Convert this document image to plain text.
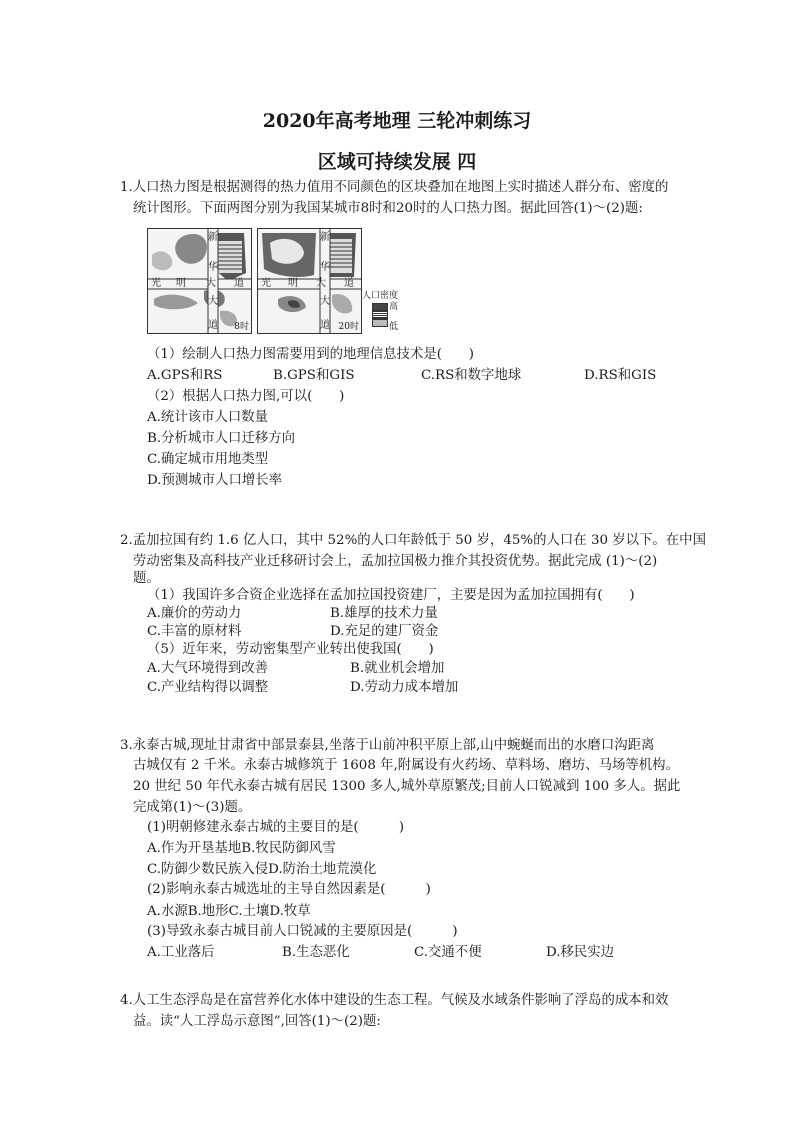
2020年高考地理 三轮冲刺练习
区域可持续发展 四
1.人口热力图是根据测得的热力值用不同颜色的区块叠加在地图上实时描述人群分布、密度的
统计图形。下面两图分别为我国某城市8时和20时的人口热力图。据此回答(1)～(2)题:
光 明 大 道
新
华
大
道 8时
光 明 大 道
新
华
大
道 20时
人口密度
高
低
（1）绘制人口热力图需要用到的地理信息技术是(　　)
A.GPS和RS	B.GPS和GIS	C.RS和数字地球	D.RS和GIS
（2）根据人口热力图,可以(　　)
A.统计该市人口数量
B.分析城市人口迁移方向
C.确定城市用地类型
D.预测城市人口增长率
2.孟加拉国有约 1.6 亿人口，其中 52%的人口年龄低于 50 岁，45%的人口在 30 岁以下。在中国
劳动密集及高科技产业迁移研讨会上，孟加拉国极力推介其投资优势。据此完成 (1)～(2)
题。
（1）我国许多合资企业选择在孟加拉国投资建厂，主要是因为孟加拉国拥有(　　)
A.廉价的劳动力	B.雄厚的技术力量
C.丰富的原材料	D.充足的建厂资金
（5）近年来，劳动密集型产业转出使我国(　　)
A.大气环境得到改善	B.就业机会增加
C.产业结构得以调整	D.劳动力成本增加
3.永泰古城,现址甘肃省中部景泰县,坐落于山前冲积平原上部,山中蜿蜒而出的水磨口沟距离
古城仅有 2 千米。永泰古城修筑于 1608 年,附属设有火药场、草料场、磨坊、马场等机构。
20 世纪 50 年代永泰古城有居民 1300 多人,城外草原繁茂;目前人口锐减到 100 多人。据此
完成第(1)～(3)题。
(1)明朝修建永泰古城的主要目的是(　　　)
A.作为开垦基地B.牧民防御风雪
C.防御少数民族入侵D.防治土地荒漠化
(2)影响永泰古城选址的主导自然因素是(　　　)
A.水源B.地形C.土壤D.牧草
(3)导致永泰古城目前人口锐减的主要原因是(　　　)
A.工业落后	B.生态恶化	C.交通不便	D.移民实边
4.人工生态浮岛是在富营养化水体中建设的生态工程。气候及水域条件影响了浮岛的成本和效
益。读“人工浮岛示意图”,回答(1)～(2)题:
